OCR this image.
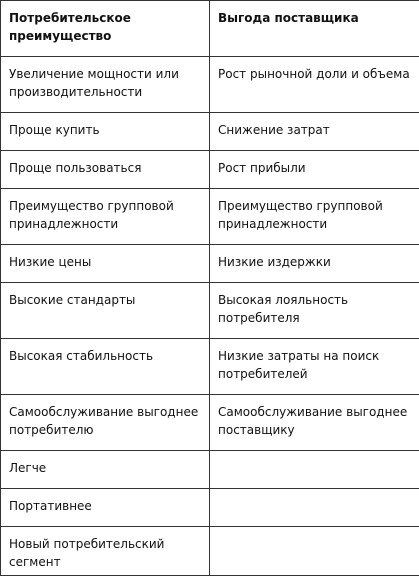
Потребительское преимущество	Выгода поставщика
Увеличение мощности или производительности	Рост рыночной доли и объема
Проще купить	Снижение затрат
Проще пользоваться	Рост прибыли
Преимущество групповой принадлежности	Преимущество групповой принадлежности
Низкие цены	Низкие издержки
Высокие стандарты	Высокая лояльность потребителя
Высокая стабильность	Низкие затраты на поиск потребителей
Самообслуживание выгоднее потребителю	Самообслуживание выгоднее поставщику
Легче	
Портативнее	
Новый потребительский сегмент	
